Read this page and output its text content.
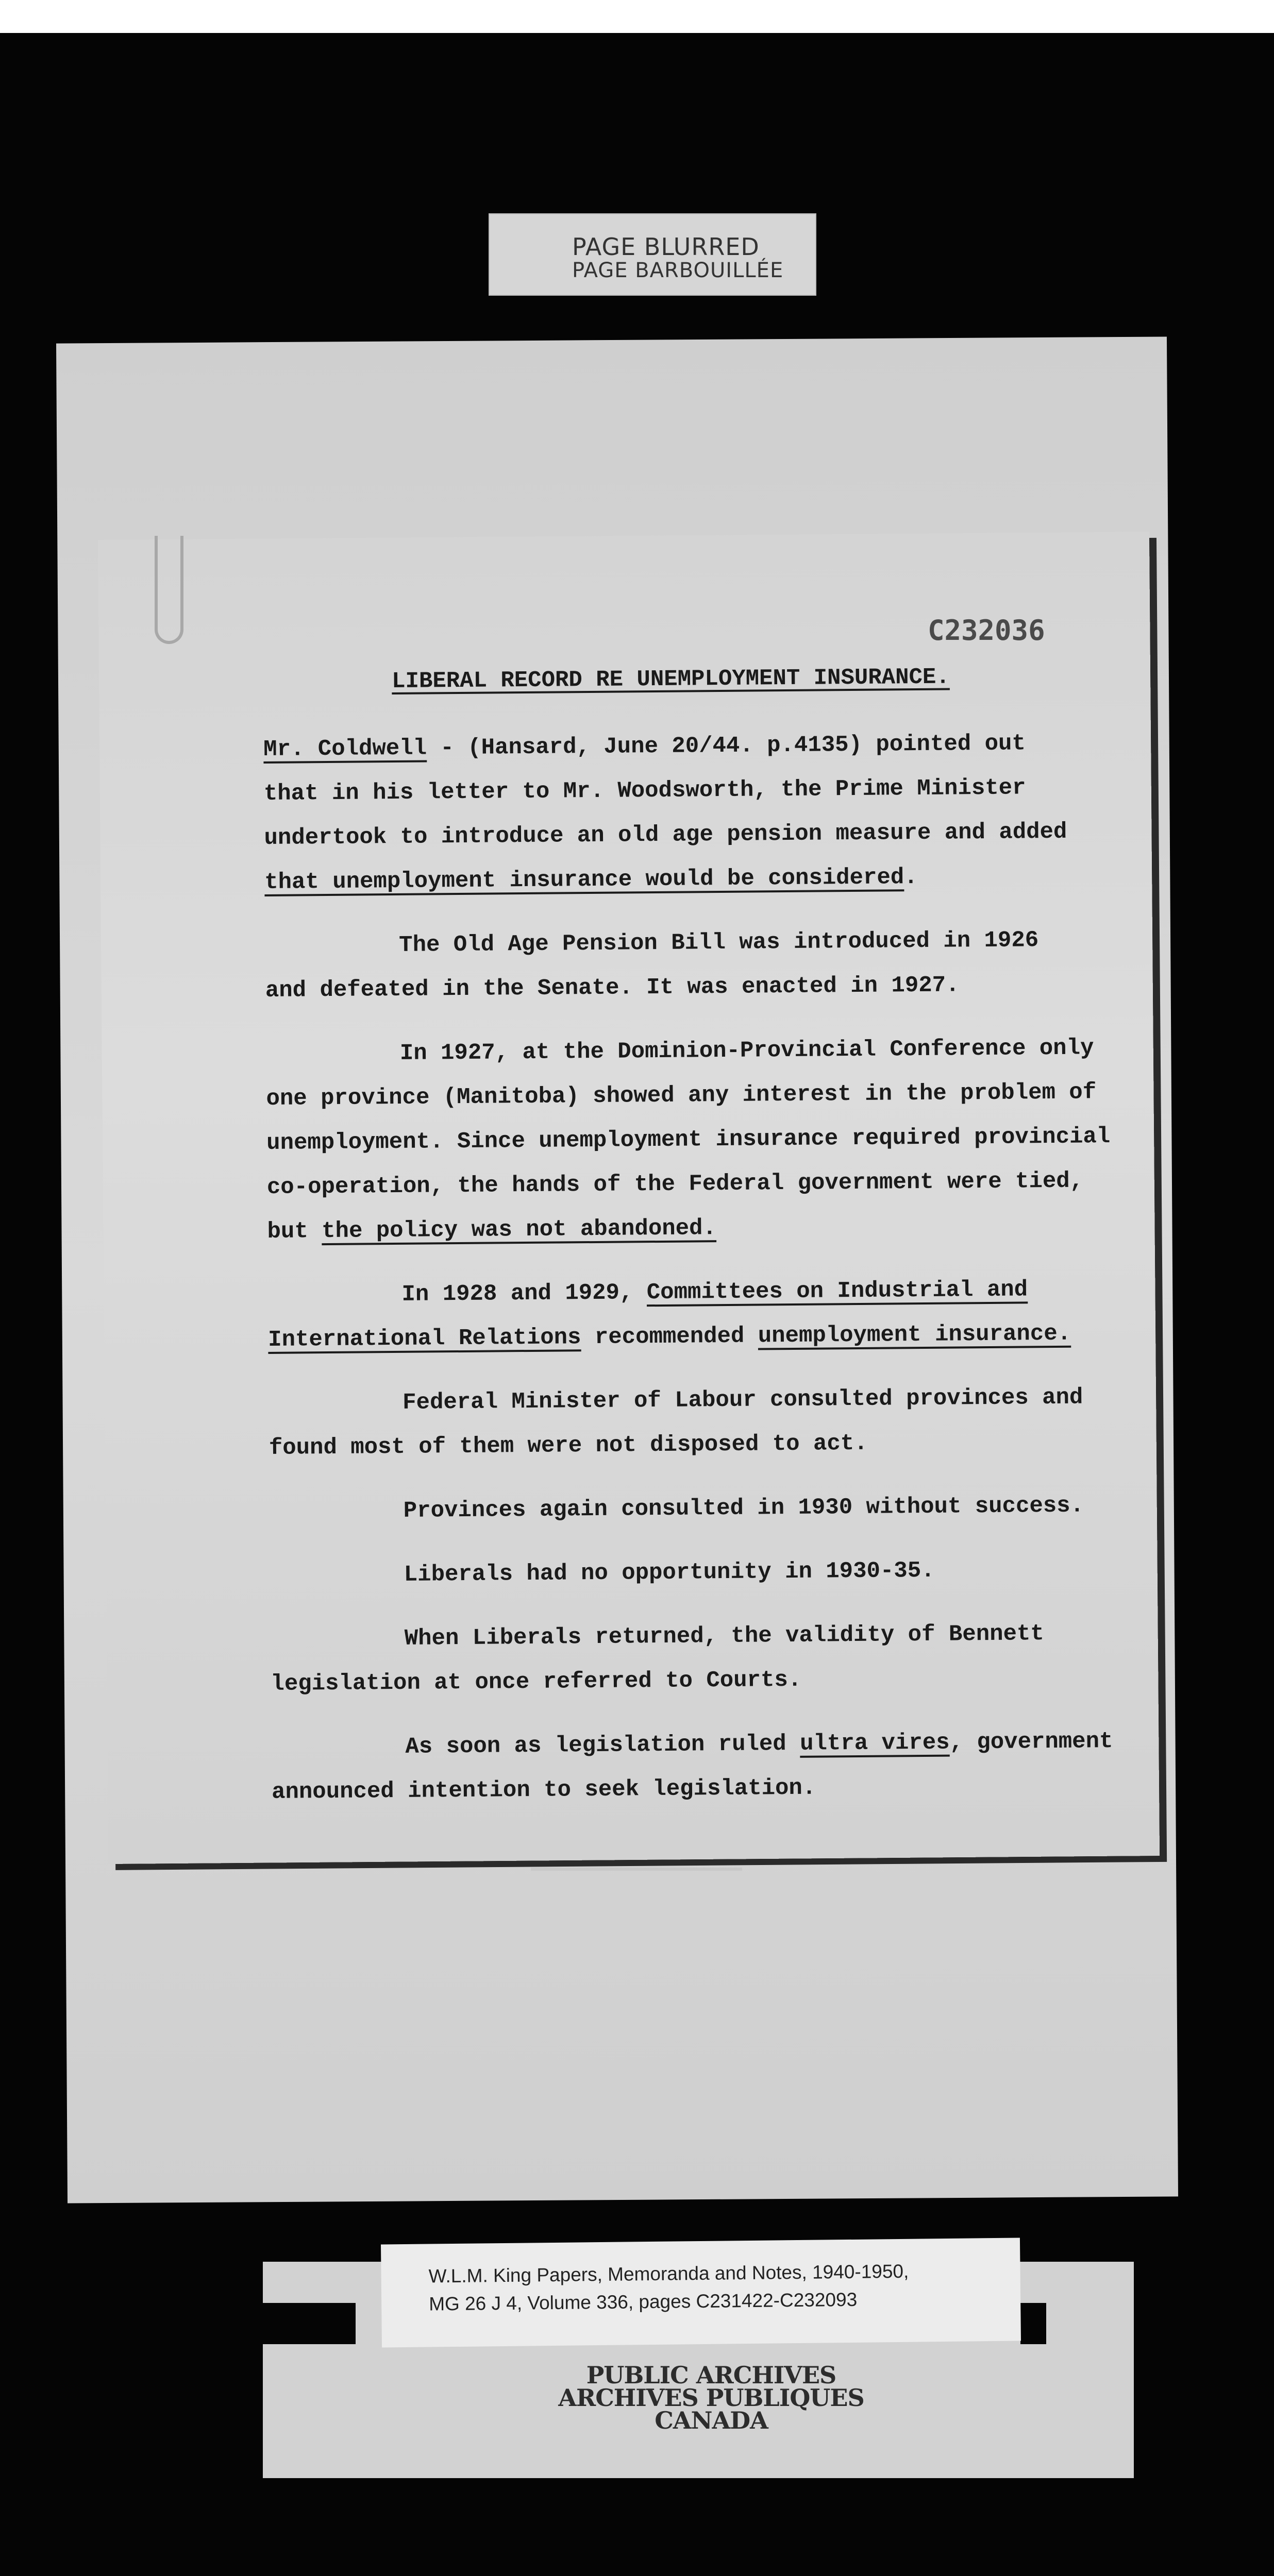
PAGE BLURRED
PAGE BARBOUILLÉE
C232036
LIBERAL RECORD RE UNEMPLOYMENT INSURANCE.
Mr. Coldwell - (Hansard, June 20/44. p.4135) pointed out
that in his letter to Mr. Woodsworth, the Prime Minister
undertook to introduce an old age pension measure and added
that unemployment insurance would be considered.
The Old Age Pension Bill was introduced in 1926
and defeated in the Senate. It was enacted in 1927.
In 1927, at the Dominion-Provincial Conference only
one province (Manitoba) showed any interest in the problem of
unemployment. Since unemployment insurance required provincial
co-operation, the hands of the Federal government were tied,
but the policy was not abandoned.
In 1928 and 1929, Committees on Industrial and
International Relations recommended unemployment insurance.
Federal Minister of Labour consulted provinces and
found most of them were not disposed to act.
Provinces again consulted in 1930 without success.
Liberals had no opportunity in 1930-35.
When Liberals returned, the validity of Bennett
legislation at once referred to Courts.
As soon as legislation ruled ultra vires, government
announced intention to seek legislation.
W.L.M. King Papers, Memoranda and Notes, 1940-1950,
MG 26 J 4, Volume 336, pages C231422-C232093
PUBLIC ARCHIVES
ARCHIVES PUBLIQUES
CANADA
